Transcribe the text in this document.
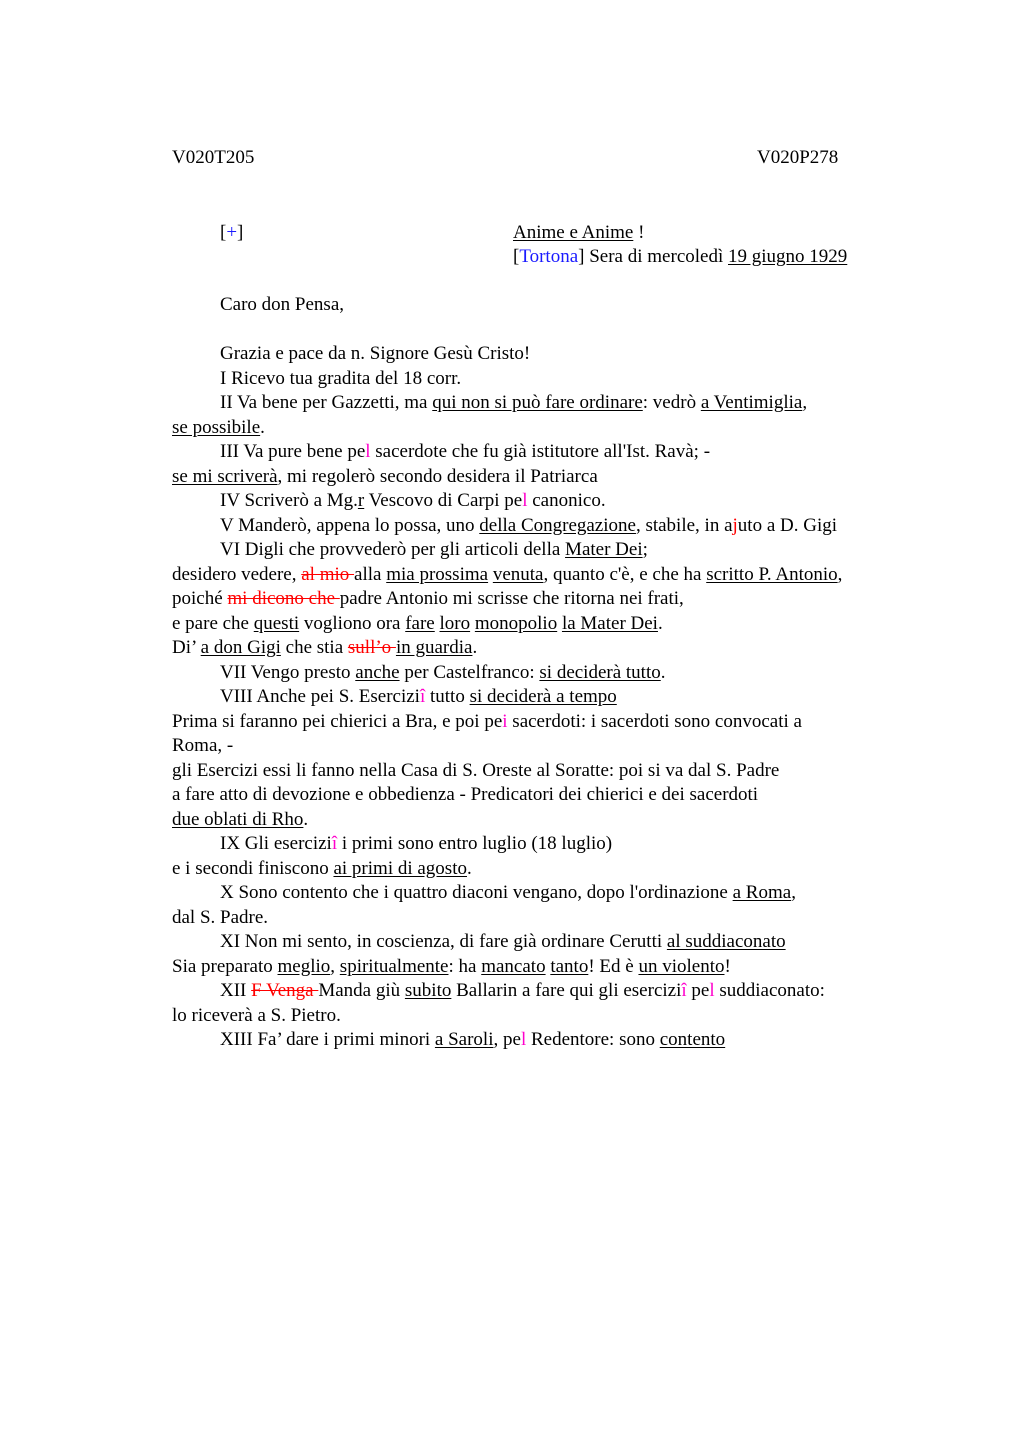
V020T205	V020P278
[+]	Anime e Anime !
[Tortona] Sera di mercoledì 19 giugno 1929
Caro don Pensa,
Grazia e pace da n. Signore Gesù Cristo!
I Ricevo tua gradita del 18 corr.
II Va bene per Gazzetti, ma qui non si può fare ordinare: vedrò a Ventimiglia,
se possibile.
III Va pure bene pel sacerdote che fu già istitutore all'Ist. Ravà; -
se mi scriverà, mi regolerò secondo desidera il Patriarca
IV Scriverò a Mg.r Vescovo di Carpi pel canonico.
V Manderò, appena lo possa, uno della Congregazione, stabile, in ajuto a D. Gigi
VI Digli che provvederò per gli articoli della Mater Dei;
desidero vedere, al mio alla mia prossima venuta, quanto c'è, e che ha scritto P. Antonio,
poiché mi dicono che padre Antonio mi scrisse che ritorna nei frati,
e pare che questi vogliono ora fare loro monopolio la Mater Dei.
Di’ a don Gigi che stia sull’o in guardia.
VII Vengo presto anche per Castelfranco: si deciderà tutto.
VIII Anche pei S. Eserciziî tutto si deciderà a tempo
Prima si faranno pei chierici a Bra, e poi pei sacerdoti: i sacerdoti sono convocati a
Roma, -
gli Esercizi essi li fanno nella Casa di S. Oreste al Soratte: poi si va dal S. Padre
a fare atto di devozione e obbedienza - Predicatori dei chierici e dei sacerdoti
due oblati di Rho.
IX Gli eserciziî i primi sono entro luglio (18 luglio)
e i secondi finiscono ai primi di agosto.
X Sono contento che i quattro diaconi vengano, dopo l'ordinazione a Roma,
dal S. Padre.
XI Non mi sento, in coscienza, di fare già ordinare Cerutti al suddiaconato
Sia preparato meglio, spiritualmente: ha mancato tanto! Ed è un violento!
XII F Venga Manda giù subito Ballarin a fare qui gli eserciziî pel suddiaconato:
lo riceverà a S. Pietro.
XIII Fa’ dare i primi minori a Saroli, pel Redentore: sono contento
